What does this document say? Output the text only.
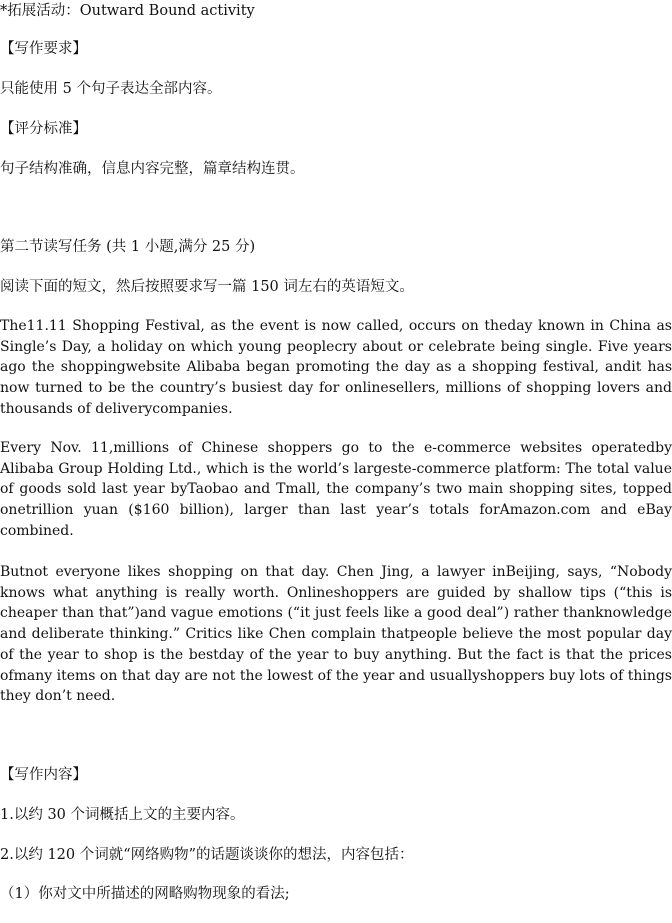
*拓展活动：Outward Bound activity
【写作要求】
只能使用 5 个句子表达全部内容。
【评分标准】
句子结构准确，信息内容完整，篇章结构连贯。
第二节读写任务 (共 1 小题,满分 25 分)
阅读下面的短文，然后按照要求写一篇 150 词左右的英语短文。
The11.11 Shopping Festival, as the event is now called, occurs on theday known in China as Single’s Day, a holiday on which young peoplecry about or celebrate being single. Five years ago the shoppingwebsite Alibaba began promoting the day as a shopping festival, andit has now turned to be the country’s busiest day for onlinesellers, millions of shopping lovers and thousands of deliverycompanies.
Every Nov. 11,millions of Chinese shoppers go to the e-commerce websites operatedby Alibaba Group Holding Ltd., which is the world’s largeste-commerce platform: The total value of goods sold last year byTaobao and Tmall, the company’s two main shopping sites, topped onetrillion yuan ($160 billion), larger than last year’s totals forAmazon.com and eBay combined.
Butnot everyone likes shopping on that day. Chen Jing, a lawyer inBeijing, says, “Nobody knows what anything is really worth. Onlineshoppers are guided by shallow tips (“this is cheaper than that”)and vague emotions (“it just feels like a good deal”) rather thanknowledge and deliberate thinking.” Critics like Chen complain thatpeople believe the most popular day of the year to shop is the bestday of the year to buy anything. But the fact is that the prices ofmany items on that day are not the lowest of the year and usuallyshoppers buy lots of things they don’t need.
【写作内容】
1.以约 30 个词概括上文的主要内容。
2.以约 120 个词就“网络购物”的话题谈谈你的想法，内容包括：
（1）你对文中所描述的网略购物现象的看法;
